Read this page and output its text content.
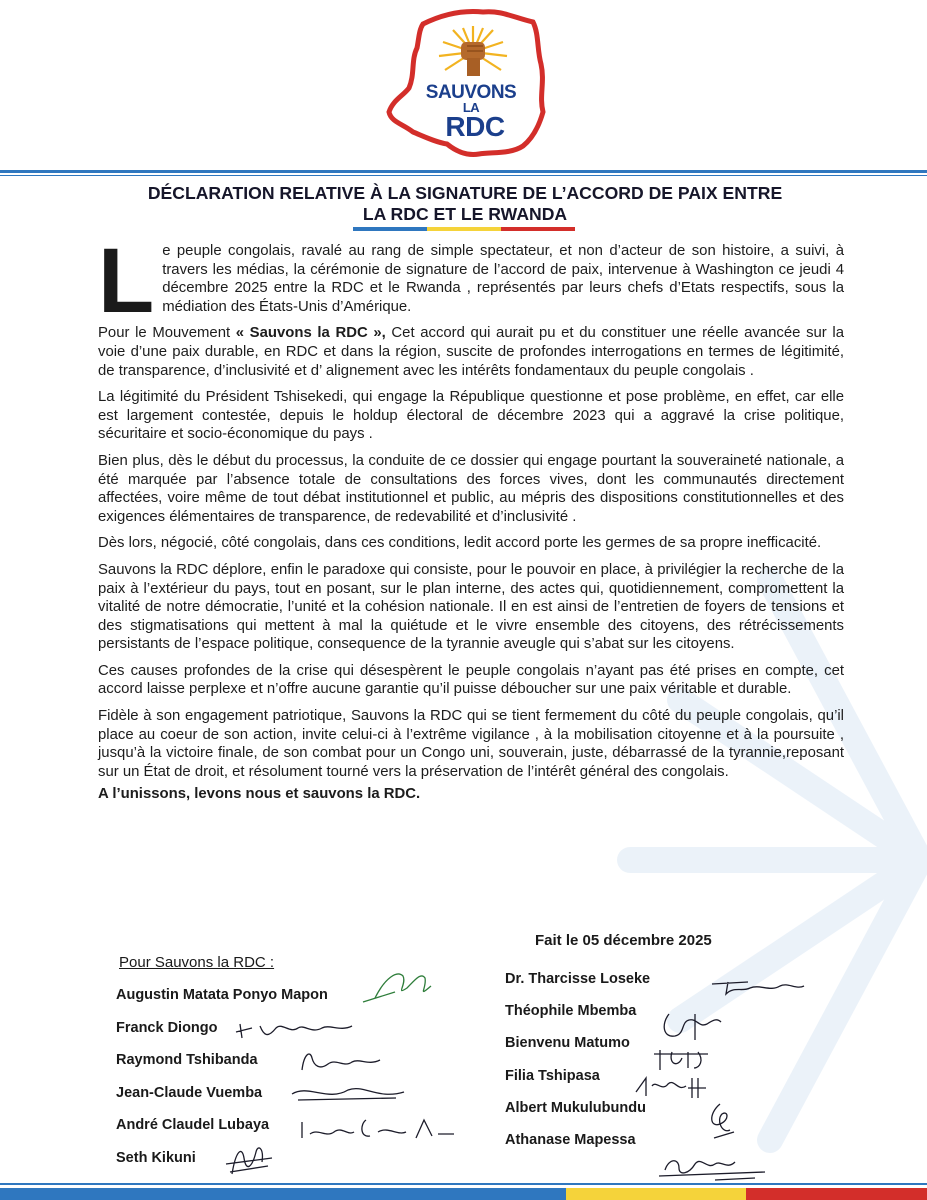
SAUVONS
LA
RDC
DÉCLARATION RELATIVE À LA SIGNATURE DE L’ACCORD DE PAIX ENTRE
LA RDC ET LE RWANDA

Le peuple congolais, ravalé au rang de simple spectateur, et non d’acteur de son histoire, a suivi, à travers les médias, la cérémonie de signature de l’accord de paix, intervenue à Washington ce jeudi 4 décembre 2025 entre la RDC et le Rwanda , représentés par leurs chefs d’Etats respectifs, sous la médiation des États-Unis d’Amérique.

Pour le Mouvement « Sauvons la RDC », Cet accord qui aurait pu et du constituer une réelle avancée sur la voie d’une paix durable, en RDC et dans la région, suscite de profondes interrogations en termes de légitimité, de transparence, d’inclusivité et d’ alignement avec les intérêts fondamentaux du peuple congolais .

La légitimité du Président Tshisekedi, qui engage la République questionne et pose problème, en effet, car elle est largement contestée, depuis le holdup électoral de décembre 2023 qui a aggravé la crise politique, sécuritaire et socio-économique du pays .

Bien plus, dès le début du processus, la conduite de ce dossier qui engage pourtant la souveraineté nationale, a été marquée par l’absence totale de consultations des forces vives, dont les communautés directement affectées, voire même de tout débat institutionnel et public, au mépris des dispositions constitutionnelles et des exigences élémentaires de transparence, de redevabilité et d’inclusivité .

Dès lors, négocié, côté congolais, dans ces conditions, ledit accord porte les germes de sa propre inefficacité.

Sauvons la RDC déplore, enfin le paradoxe qui consiste, pour le pouvoir en place, à privilégier la recherche de la paix à l’extérieur du pays, tout en posant, sur le plan interne, des actes qui, quotidiennement, compromettent la vitalité de notre démocratie, l’unité et la cohésion nationale. Il en est ainsi de l’entretien de foyers de tensions et des stigmatisations qui mettent à mal la quiétude et le vivre ensemble des citoyens, des rétrécissements persistants de l’espace politique, consequence de la tyrannie aveugle qui s’abat sur les citoyens.

Ces causes profondes de la crise qui désespèrent le peuple congolais n’ayant pas été prises en compte, cet accord laisse perplexe et n’offre aucune garantie qu’il puisse déboucher sur une paix véritable et durable.

Fidèle à son engagement patriotique, Sauvons la RDC qui se tient fermement du côté du peuple congolais, qu’il place au coeur de son action, invite celui-ci à l’extrême vigilance , à la mobilisation citoyenne et à la poursuite , jusqu’à la victoire finale, de son combat pour un Congo uni, souverain, juste, débarrassé de la tyrannie,reposant sur un État de droit, et résolument tourné vers la préservation de l’intérêt général des congolais.

A l’unissons, levons nous et sauvons la RDC.

Pour Sauvons la RDC :
Augustin Matata Ponyo Mapon
Franck Diongo
Raymond Tshibanda
Jean-Claude Vuemba
André Claudel Lubaya
Seth Kikuni
Fait le 05 décembre 2025
Dr. Tharcisse Loseke
Théophile Mbemba
Bienvenu Matumo
Filia Tshipasa
Albert Mukulubundu
Athanase Mapessa
